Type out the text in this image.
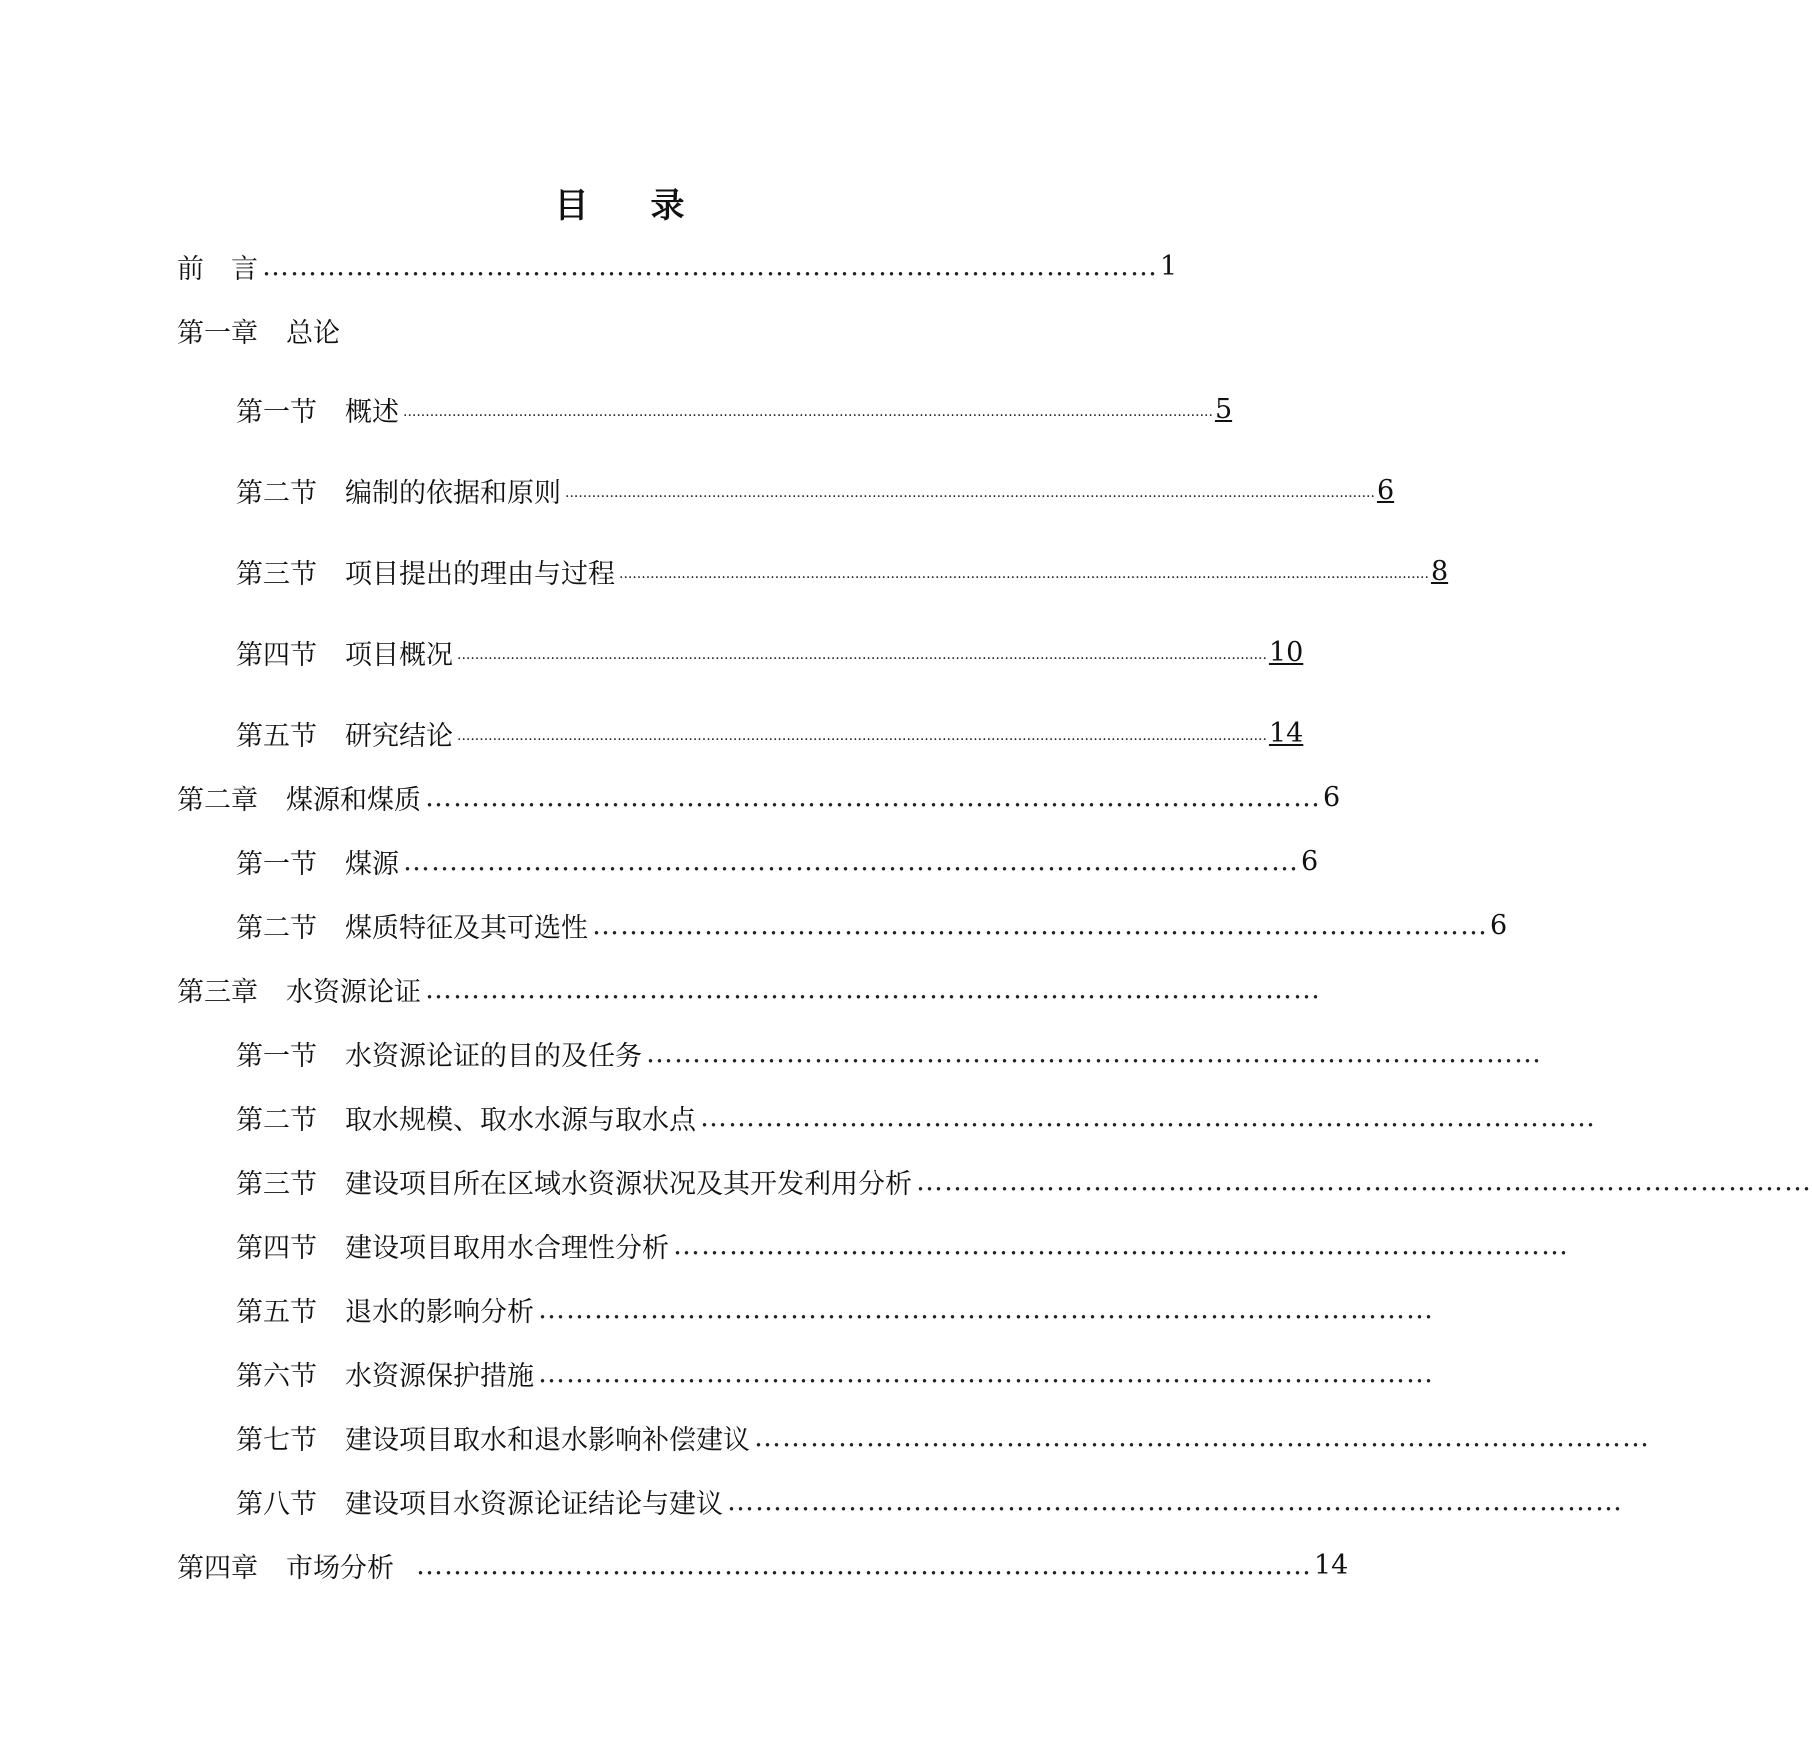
目 录
前　言 …………………………………………………………………………………… 1
第一章 总论
第一节 概述 ...................................................................................................................................................................................... 5
第二节 编制的依据和原则 ...................................................................................................................................................................................... 6
第三节 项目提出的理由与过程 ...................................................................................................................................................................................... 8
第四节 项目概况 ...................................................................................................................................................................................... 10
第五节 研究结论 ...................................................................................................................................................................................... 14
第二章 煤源和煤质 …………………………………………………………………………………… 6
第一节 煤源 …………………………………………………………………………………… 6
第二节 煤质特征及其可选性 …………………………………………………………………………………… 6
第三章 水资源论证 ……………………………………………………………………………………
第一节 水资源论证的目的及任务 ……………………………………………………………………………………
第二节 取水规模、取水水源与取水点 ……………………………………………………………………………………
第三节 建设项目所在区域水资源状况及其开发利用分析 ……………………………………………………………………………………
第四节 建设项目取用水合理性分析 ……………………………………………………………………………………
第五节 退水的影响分析 ……………………………………………………………………………………
第六节 水资源保护措施 ……………………………………………………………………………………
第七节 建设项目取水和退水影响补偿建议 ……………………………………………………………………………………
第八节 建设项目水资源论证结论与建议 ……………………………………………………………………………………
第四章 市场分析 …………………………………………………………………………………… 14
